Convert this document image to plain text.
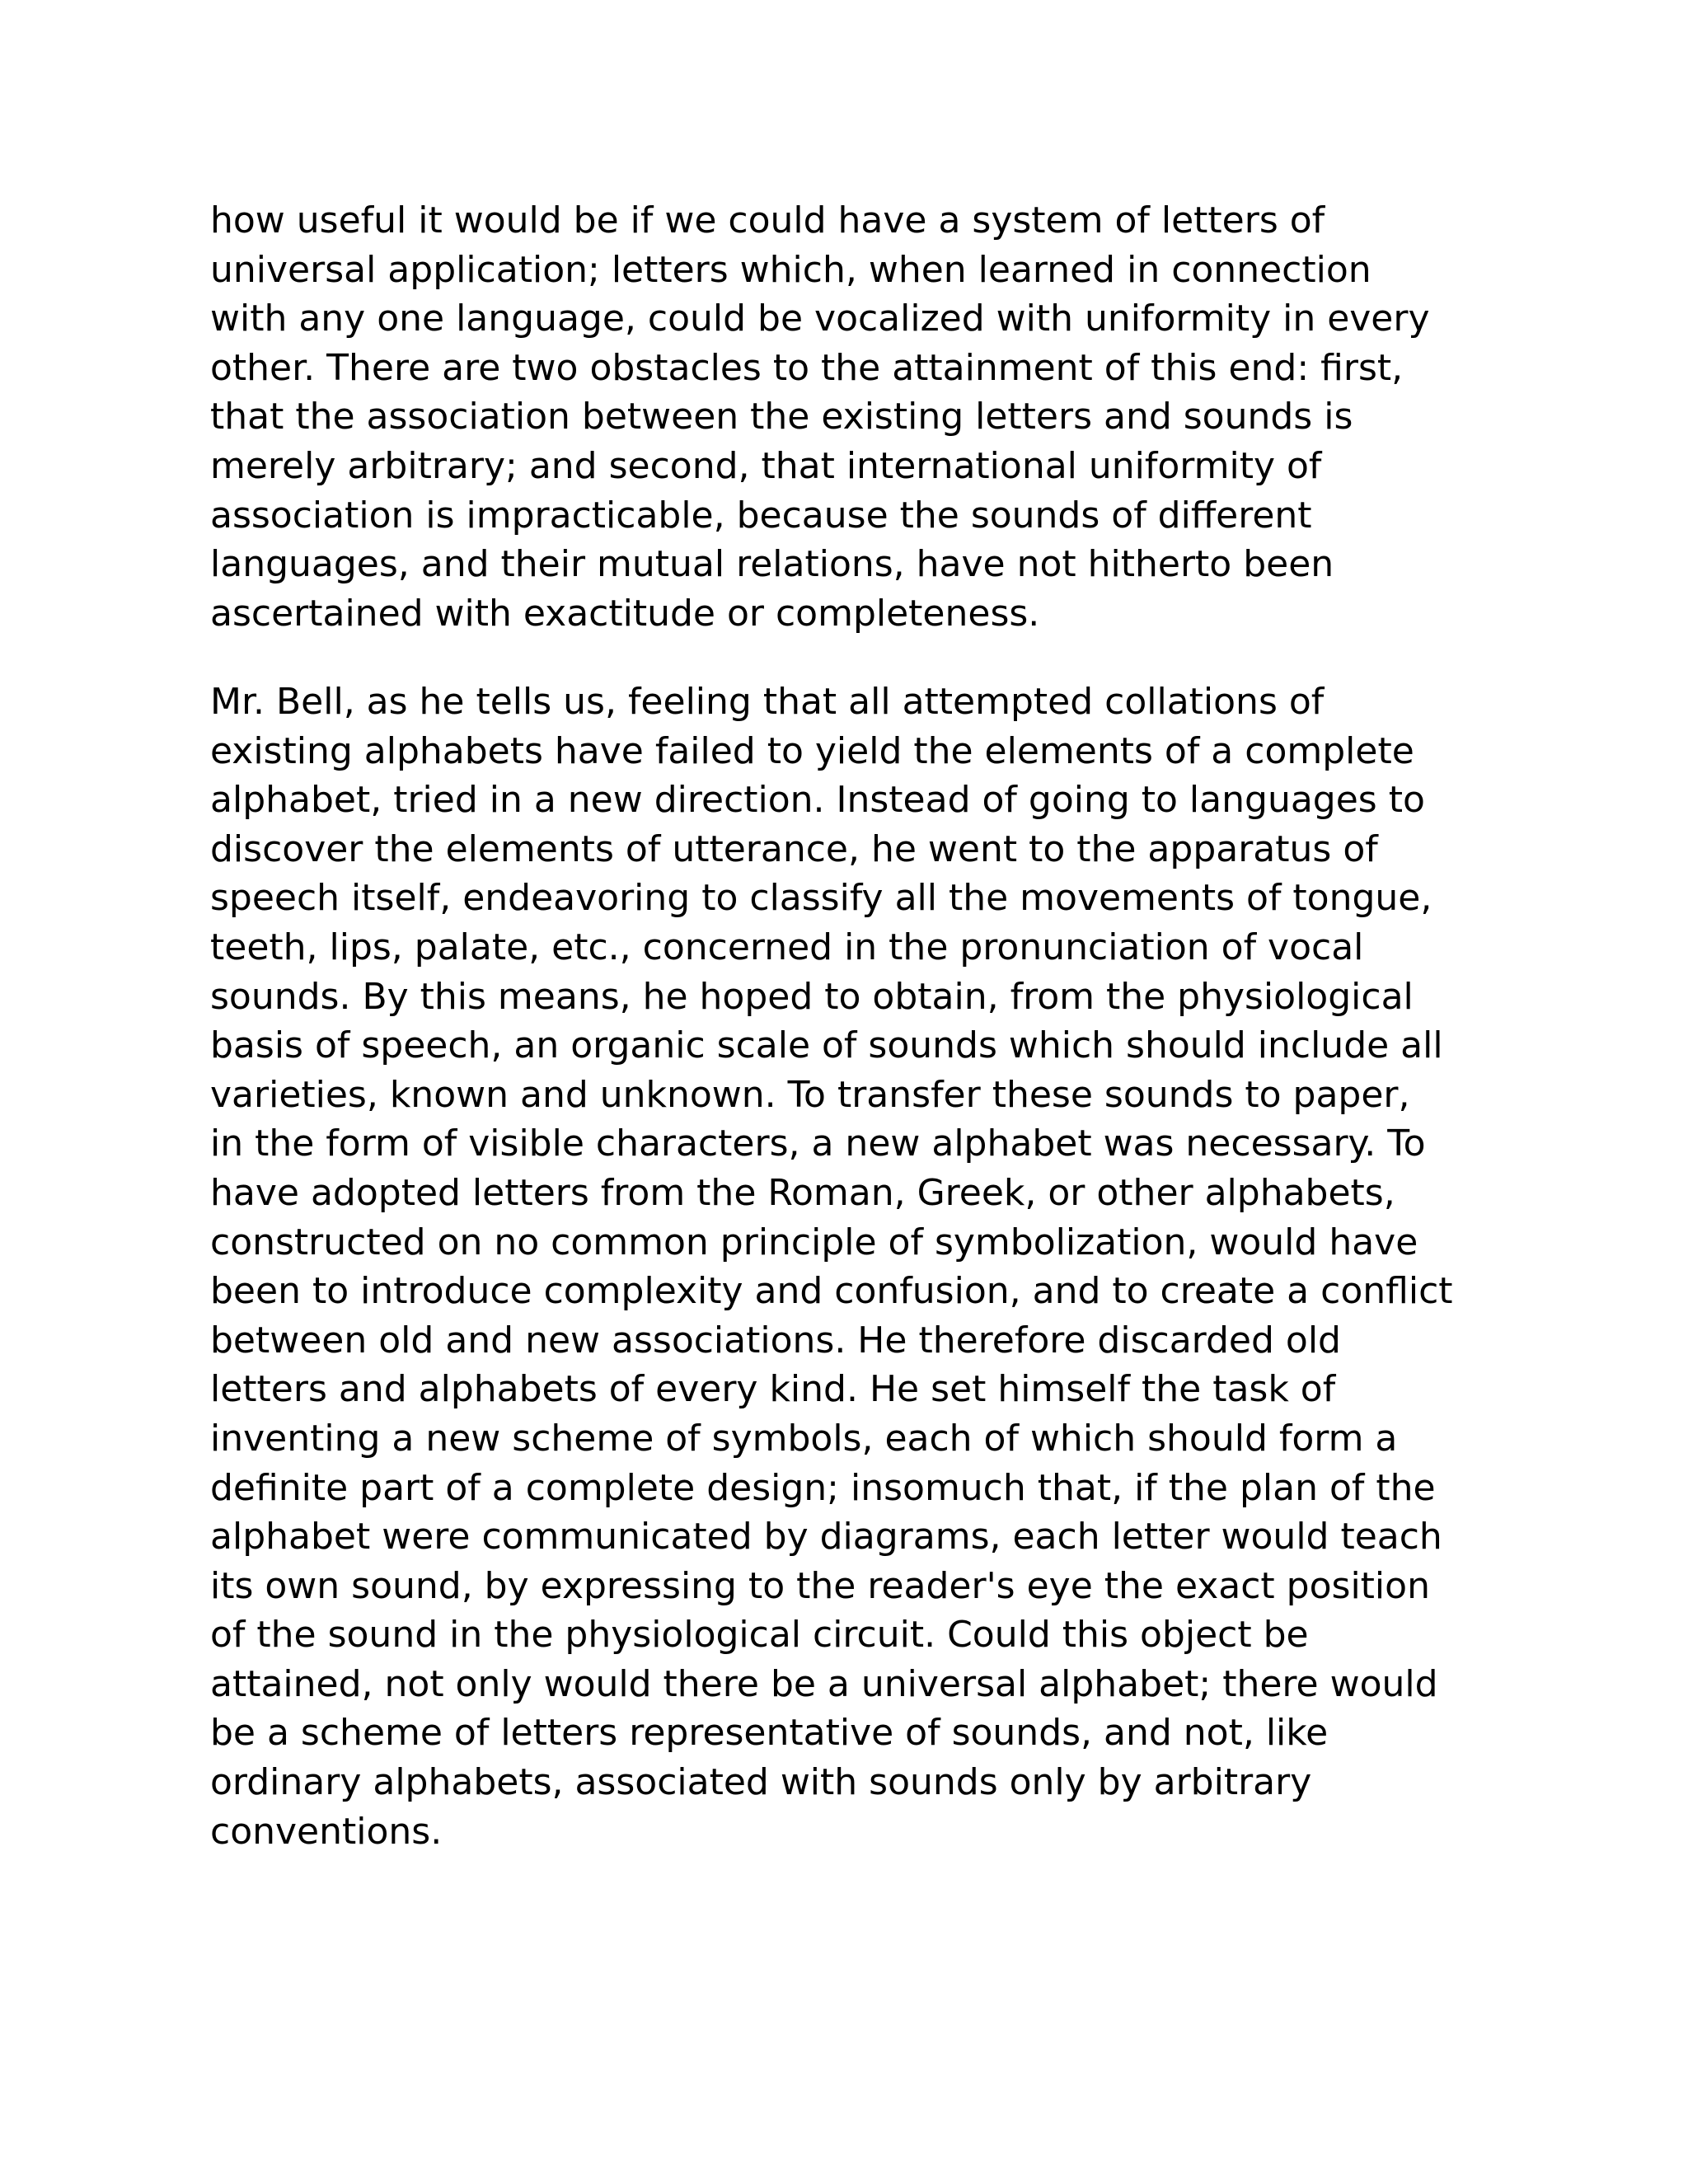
how useful it would be if we could have a system of letters of
universal application; letters which, when learned in connection
with any one language, could be vocalized with uniformity in every
other. There are two obstacles to the attainment of this end: first,
that the association between the existing letters and sounds is
merely arbitrary; and second, that international uniformity of
association is impracticable, because the sounds of different
languages, and their mutual relations, have not hitherto been
ascertained with exactitude or completeness.
Mr. Bell, as he tells us, feeling that all attempted collations of
existing alphabets have failed to yield the elements of a complete
alphabet, tried in a new direction. Instead of going to languages to
discover the elements of utterance, he went to the apparatus of
speech itself, endeavoring to classify all the movements of tongue,
teeth, lips, palate, etc., concerned in the pronunciation of vocal
sounds. By this means, he hoped to obtain, from the physiological
basis of speech, an organic scale of sounds which should include all
varieties, known and unknown. To transfer these sounds to paper,
in the form of visible characters, a new alphabet was necessary. To
have adopted letters from the Roman, Greek, or other alphabets,
constructed on no common principle of symbolization, would have
been to introduce complexity and confusion, and to create a conflict
between old and new associations. He therefore discarded old
letters and alphabets of every kind. He set himself the task of
inventing a new scheme of symbols, each of which should form a
definite part of a complete design; insomuch that, if the plan of the
alphabet were communicated by diagrams, each letter would teach
its own sound, by expressing to the reader's eye the exact position
of the sound in the physiological circuit. Could this object be
attained, not only would there be a universal alphabet; there would
be a scheme of letters representative of sounds, and not, like
ordinary alphabets, associated with sounds only by arbitrary
conventions.
